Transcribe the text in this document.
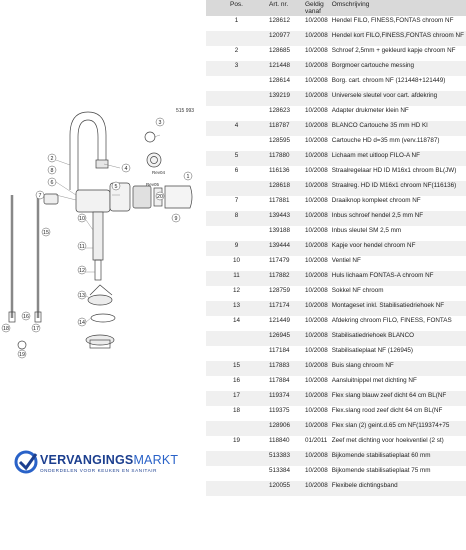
515 993
3
4
2
8
6
7
5
1
9
20
10
11
12
13
14
15
16
17
18
19
Rev04
Rev05
VERVANGINGSMARKT
ONDERDELEN VOOR KEUKEN EN SANITAIR
Pos.	Art. nr.	Geldig vanaf	Omschrijving
1	128612	10/2008	Hendel FILO, FINESS,FONTAS chroom NF
	120977	10/2008	Hendel kort FILO,FINESS,FONTAS chroom NF
2	128685	10/2008	Schroef 2,5mm + gekleurd kapje chroom NF
3	121448	10/2008	Borgmoer cartouche messing
	128614	10/2008	Borg. cart. chroom NF (121448+121449)
	139219	10/2008	Universele sleutel voor cart. afdekring
	128623	10/2008	Adapter drukmeter klein NF
4	118787	10/2008	BLANCO Cartouche 35 mm HD Kl
	128595	10/2008	Cartouche HD d=35 mm (verv.118787)
5	117880	10/2008	Lichaam met uitloop FILO-A NF
6	116136	10/2008	Straalregelaar HD ID M16x1 chroom BL(JW)
	128618	10/2008	Straalreg. HD ID M16x1 chroom NF(116136)
7	117881	10/2008	Draaiknop kompleet chroom NF
8	139443	10/2008	Inbus schroef hendel 2,5 mm NF
	139188	10/2008	Inbus sleutel SM 2,5 mm
9	139444	10/2008	Kapje voor hendel chroom NF
10	117479	10/2008	Ventiel NF
11	117882	10/2008	Huls lichaam FONTAS-A chroom NF
12	128759	10/2008	Sokkel NF chroom
13	117174	10/2008	Montageset inkl. Stabilisatiedriehoek NF
14	121449	10/2008	Afdekring chroom FILO, FINESS, FONTAS
	126945	10/2008	Stabilisatiedriehoek BLANCO
	117184	10/2008	Stabilisatieplaat NF (126945)
15	117883	10/2008	Buis slang chroom NF
16	117884	10/2008	Aansluitnippel met dichting NF
17	119374	10/2008	Flex slang blauw zeef dicht 64 cm BL(NF
18	119375	10/2008	Flex.slang rood zeef dicht 64 cm BL(NF
	128906	10/2008	Flex slan (2) geint.d.65 cm NF(119374+75
19	118840	01/2011	Zeef met dichting voor hoekventiel (2 st)
	513383	10/2008	Bijkomende stabilisatieplaat 60 mm
	513384	10/2008	Bijkomende stabilisatieplaat 75 mm
	120055	10/2008	Flexibele dichtingsband
